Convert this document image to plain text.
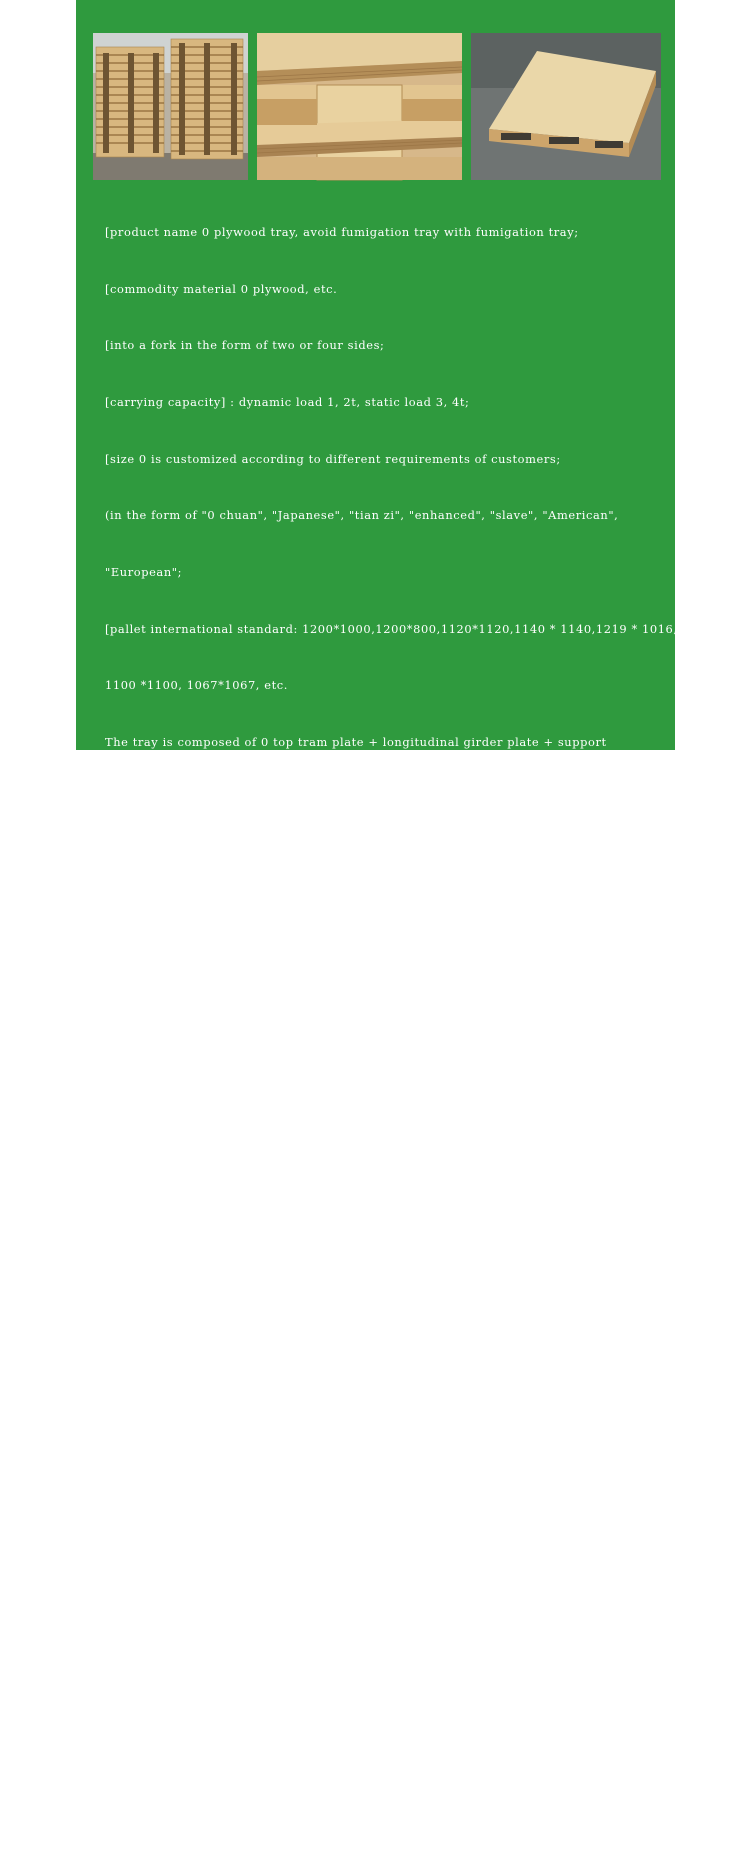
[product name 0 plywood tray, avoid fumigation tray with fumigation tray;

[commodity material 0 plywood, etc.

[into a fork in the form of two or four sides;

[carrying capacity] : dynamic load 1, 2t, static load 3, 4t;

[size 0 is customized according to different requirements of customers;

(in the form of "0 chuan", "Japanese", "tian zi", "enhanced", "slave", "American",

"European";

[pallet international standard: 1200*1000,1200*800,1120*1120,1140 * 1140,1219 * 1016,

1100 *1100, 1067*1067, etc.

The tray is composed of 0 top tram plate + longitudinal girder plate + support

beam + block/crossbar + bottom plate;

[panel thickness] : 15mm, 18mm, 20mm, 25mm, 35mm, etc.

[fork hole height 080mm 1150mm;

[fumigation certificate/value item quarantine certificate] : domestic use need not

fumigation, when the outlet can provide fumigation certificate, and add |PPC logo;

(load-carrying weight 0 dynamic load: 1000-3000kg static load: 2,000kg;

(minimum order quantity) : 10;

[quality assurance] if there is a quality problem, return it unconditionally;

[production cycle] : about 1 to 3 days;

[delivery day] : delivery within 3 days;

(product brand 0GOLONG;

[product origin, ningbo;

(mode of transportation) : self-delivery or delivery; Free delivery in the city;

[0 application scope is widely used in warehouse, logistics, food, beverage, bei le

unitary, medical, textile, automobile manufacturing, electronic appliances, hardware

machinery, center for chemical industry, medicine, food, building materials, such

as many areas. Can meet the demand of our products.

Platen pallets, platen pallets, platen pallets, forked plates, pallets, pallets, pallets,

dunnage boards, shovels,
